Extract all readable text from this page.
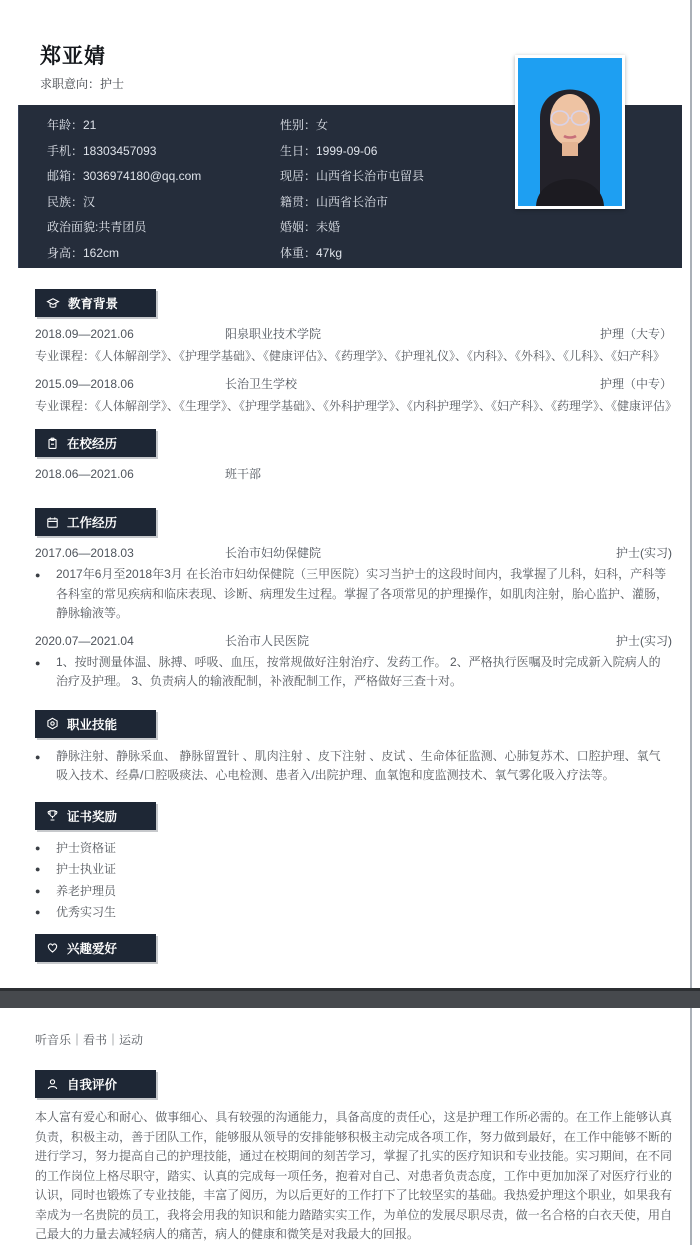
郑亚婧
求职意向：护士
年龄：21	性别：女
手机：18303457093	生日：1999-09-06
邮箱：3036974180@qq.com	现居：山西省长治市屯留县
民族：汉	籍贯：山西省长治市
政治面貌:共青团员	婚姻：未婚
身高：162cm	体重：47kg
教育背景
2018.09—2021.06	阳泉职业技术学院	护理（大专）
专业课程：《人体解剖学》、《护理学基础》、《健康评估》、《药理学》、《护理礼仪》、《内科》、《外科》、《儿科》、《妇产科》
2015.09—2018.06	长治卫生学校	护理（中专）
专业课程：《人体解剖学》、《生理学》、《护理学基础》、《外科护理学》、《内科护理学》、《妇产科》、《药理学》、《健康评估》
在校经历
2018.06—2021.06	班干部
工作经历
2017.06—2018.03	长治市妇幼保健院	护士(实习)
●	2017年6月至2018年3月 在长治市妇幼保健院（三甲医院）实习当护士的这段时间内，我掌握了儿科，妇科，产科等各科室的常见疾病和临床表现、诊断、病理发生过程。掌握了各项常见的护理操作，如肌肉注射，胎心监护、灌肠，静脉输液等。
2020.07—2021.04	长治市人民医院	护士(实习)
●	1、按时测量体温、脉搏、呼吸、血压，按常规做好注射治疗、发药工作。 2、严格执行医嘱及时完成新入院病人的治疗及护理。 3、负责病人的输液配制，补液配制工作，严格做好三查十对。
职业技能
●	静脉注射、静脉采血、 静脉留置针 、肌肉注射 、皮下注射 、皮试 、生命体征监测、心肺复苏术、口腔护理、氧气吸入技术、经鼻/口腔吸痰法、心电检测、患者入/出院护理、血氧饱和度监测技术、氧气雾化吸入疗法等。
证书奖励
●	护士资格证
●	护士执业证
●	养老护理员
●	优秀实习生
兴趣爱好
听音乐｜看书｜运动
自我评价
本人富有爱心和耐心、做事细心、具有较强的沟通能力，具备高度的责任心，这是护理工作所必需的。在工作上能够认真负责，积极主动，善于团队工作，能够服从领导的安排能够积极主动完成各项工作，努力做到最好，在工作中能够不断的进行学习，努力提高自己的护理技能，通过在校期间的刻苦学习，掌握了扎实的医疗知识和专业技能。实习期间，在不同的工作岗位上格尽职守，踏实、认真的完成每一项任务，抱着对自己、对患者负责态度，工作中更加加深了对医疗行业的认识，同时也锻炼了专业技能，丰富了阅历，为以后更好的工作打下了比较坚实的基础。我热爱护理这个职业，如果我有幸成为一名贵院的员工，我将会用我的知识和能力踏踏实实工作，为单位的发展尽职尽责，做一名合格的白衣天使，用自己最大的力量去减轻病人的痛苦，病人的健康和微笑是对我最大的回报。
